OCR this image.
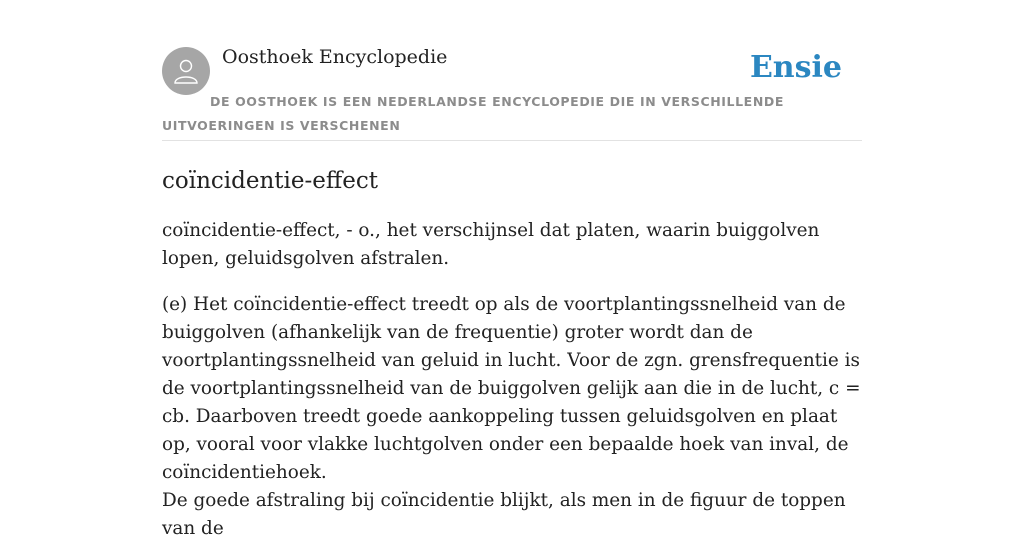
Oosthoek Encyclopedie	Ensie
DE OOSTHOEK IS EEN NEDERLANDSE ENCYCLOPEDIE DIE IN VERSCHILLENDE UITVOERINGEN IS VERSCHENEN
coïncidentie-effect

coïncidentie-effect, - o., het verschijnsel dat platen, waarin buiggolven lopen, geluidsgolven afstralen.

(e) Het coïncidentie-effect treedt op als de voortplantingssnelheid van de buiggolven (afhankelijk van de frequentie) groter wordt dan de voortplantingssnelheid van geluid in lucht. Voor de zgn. grensfrequentie is de voortplantingssnelheid van de buiggolven gelijk aan die in de lucht, c = cb. Daarboven treedt goede aankoppeling tussen geluidsgolven en plaat op, vooral voor vlakke luchtgolven onder een bepaalde hoek van inval, de coïncidentiehoek.
De goede afstraling bij coïncidentie blijkt, als men in de figuur de toppen van de
